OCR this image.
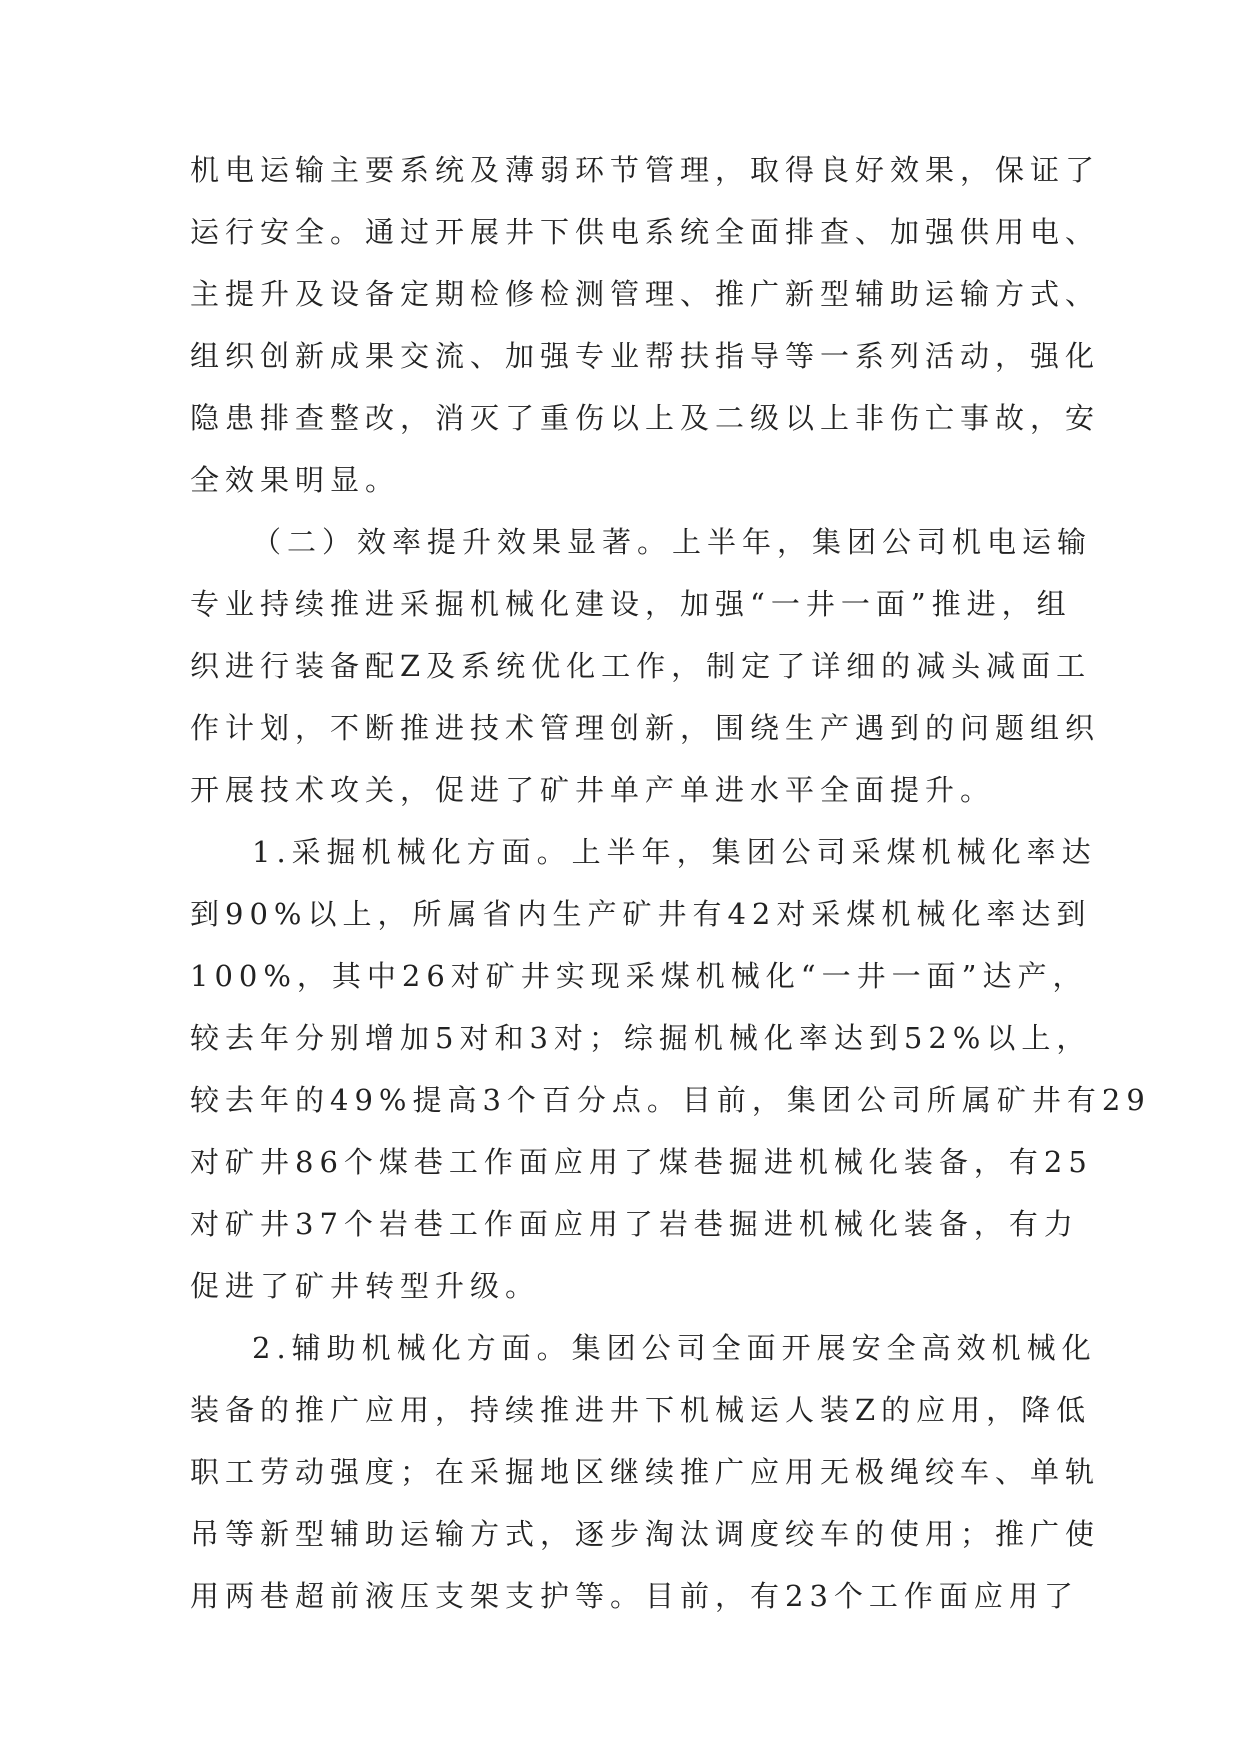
机电运输主要系统及薄弱环节管理，取得良好效果，保证了
运行安全。通过开展井下供电系统全面排查、加强供用电、
主提升及设备定期检修检测管理、推广新型辅助运输方式、
组织创新成果交流、加强专业帮扶指导等一系列活动，强化
隐患排查整改，消灭了重伤以上及二级以上非伤亡事故，安
全效果明显。
（二）效率提升效果显著。上半年，集团公司机电运输
专业持续推进采掘机械化建设，加强“一井一面”推进，组
织进行装备配Z及系统优化工作，制定了详细的减头减面工
作计划，不断推进技术管理创新，围绕生产遇到的问题组织
开展技术攻关，促进了矿井单产单进水平全面提升。
1.采掘机械化方面。上半年，集团公司采煤机械化率达
到90%以上，所属省内生产矿井有42对采煤机械化率达到
100%，其中26对矿井实现采煤机械化“一井一面”达产，
较去年分别增加5对和3对；综掘机械化率达到52%以上，
较去年的49%提高3个百分点。目前，集团公司所属矿井有29
对矿井86个煤巷工作面应用了煤巷掘进机械化装备，有25
对矿井37个岩巷工作面应用了岩巷掘进机械化装备，有力
促进了矿井转型升级。
2.辅助机械化方面。集团公司全面开展安全高效机械化
装备的推广应用，持续推进井下机械运人装Z的应用，降低
职工劳动强度；在采掘地区继续推广应用无极绳绞车、单轨
吊等新型辅助运输方式，逐步淘汰调度绞车的使用；推广使
用两巷超前液压支架支护等。目前，有23个工作面应用了
